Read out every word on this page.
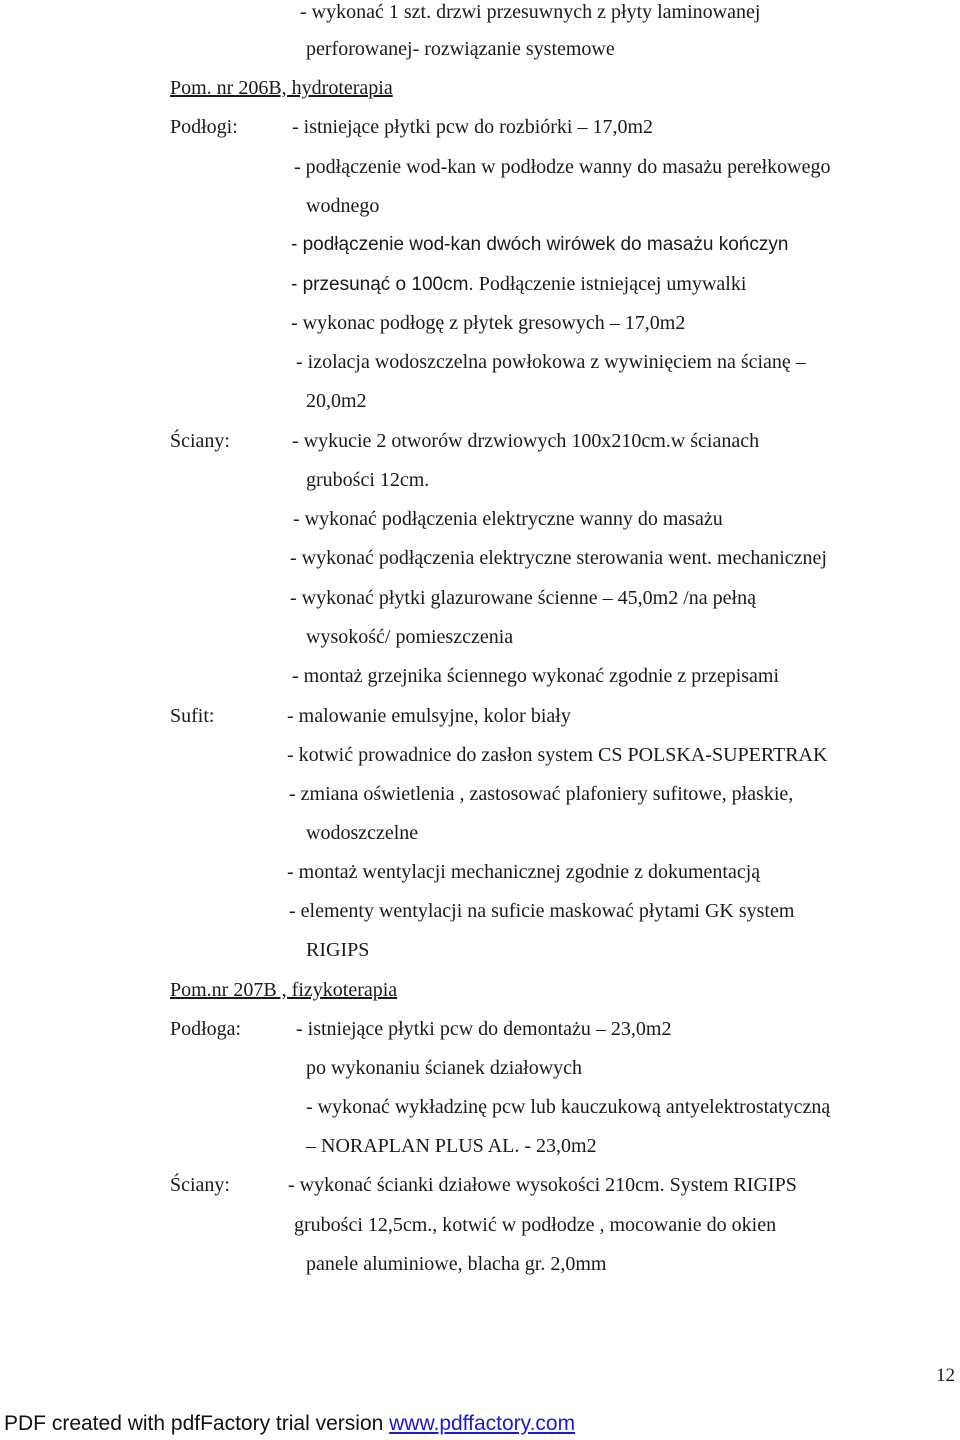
- wykonać 1 szt. drzwi przesuwnych z płyty laminowanej
perforowanej- rozwiązanie systemowe
Pom. nr 206B, hydroterapia
Podłogi:	- istniejące płytki pcw do rozbiórki – 17,0m2
- podłączenie wod-kan w podłodze wanny do masażu perełkowego
wodnego
- podłączenie wod-kan dwóch wirówek do masażu kończyn
- przesunąć o 100cm. Podłączenie istniejącej umywalki
- wykonac podłogę z płytek gresowych – 17,0m2
- izolacja wodoszczelna powłokowa z wywinięciem na ścianę –
20,0m2
Ściany:	- wykucie 2 otworów drzwiowych 100x210cm.w ścianach
grubości 12cm.
- wykonać podłączenia elektryczne wanny do masażu
- wykonać podłączenia elektryczne sterowania went. mechanicznej
- wykonać płytki glazurowane ścienne – 45,0m2 /na pełną
wysokość/ pomieszczenia
- montaż grzejnika ściennego wykonać zgodnie z przepisami
Sufit:	- malowanie emulsyjne, kolor biały
- kotwić prowadnice do zasłon system CS POLSKA-SUPERTRAK
- zmiana oświetlenia , zastosować plafoniery sufitowe, płaskie,
wodoszczelne
- montaż wentylacji mechanicznej zgodnie z dokumentacją
- elementy wentylacji na suficie maskować płytami GK system
RIGIPS
Pom.nr 207B , fizykoterapia
Podłoga:	- istniejące płytki pcw do demontażu – 23,0m2
po wykonaniu ścianek działowych
- wykonać wykładzinę pcw lub kauczukową antyelektrostatyczną
– NORAPLAN PLUS AL. - 23,0m2
Ściany:	- wykonać ścianki działowe wysokości 210cm. System RIGIPS
grubości 12,5cm., kotwić w podłodze , mocowanie do okien
panele aluminiowe, blacha gr. 2,0mm
12
PDF created with pdfFactory trial version www.pdffactory.com
